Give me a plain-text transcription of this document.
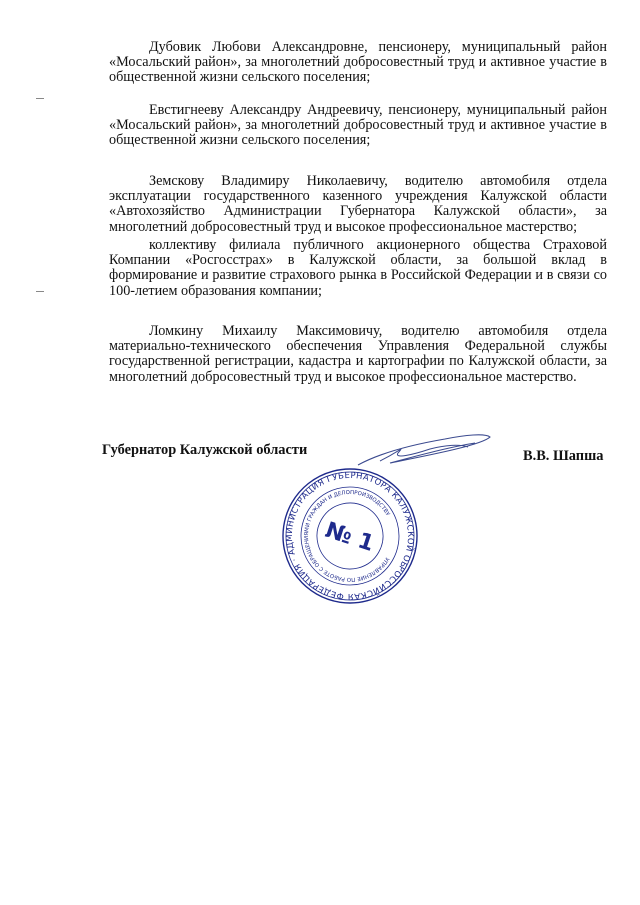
Дубовик Любови Александровне, пенсионеру, муниципальный район «Мосальский район», за многолетний добросовестный труд и активное участие в общественной жизни сельского поселения;

Евстигнееву Александру Андреевичу, пенсионеру, муниципальный район «Мосальский район», за многолетний добросовестный труд и активное участие в общественной жизни сельского поселения;

Земскову Владимиру Николаевичу, водителю автомобиля отдела эксплуатации государственного казенного учреждения Калужской области «Автохозяйство Администрации Губернатора Калужской области», за многолетний добросовестный труд и высокое профессиональное мастерство;

коллективу филиала публичного акционерного общества Страховой Компании «Росгосстрах» в Калужской области, за большой вклад в формирование и развитие страхового рынка в Российской Федерации и в связи со 100-летием образования компании;

Ломкину Михаилу Максимовичу, водителю автомобиля отдела материально-технического обеспечения Управления Федеральной службы государственной регистрации, кадастра и картографии по Калужской области, за многолетний добросовестный труд и высокое профессиональное мастерство.

Губернатор Калужской области	В.В. Шапша
РОССИЙСКАЯ ФЕДЕРАЦИЯ · АДМИНИСТРАЦИЯ ГУБЕРНАТОРА КАЛУЖСКОЙ ОБЛАСТИ
УПРАВЛЕНИЕ ПО РАБОТЕ С ОБРАЩЕНИЯМИ ГРАЖДАН И ДЕЛОПРОИЗВОДСТВУ
№ 1
